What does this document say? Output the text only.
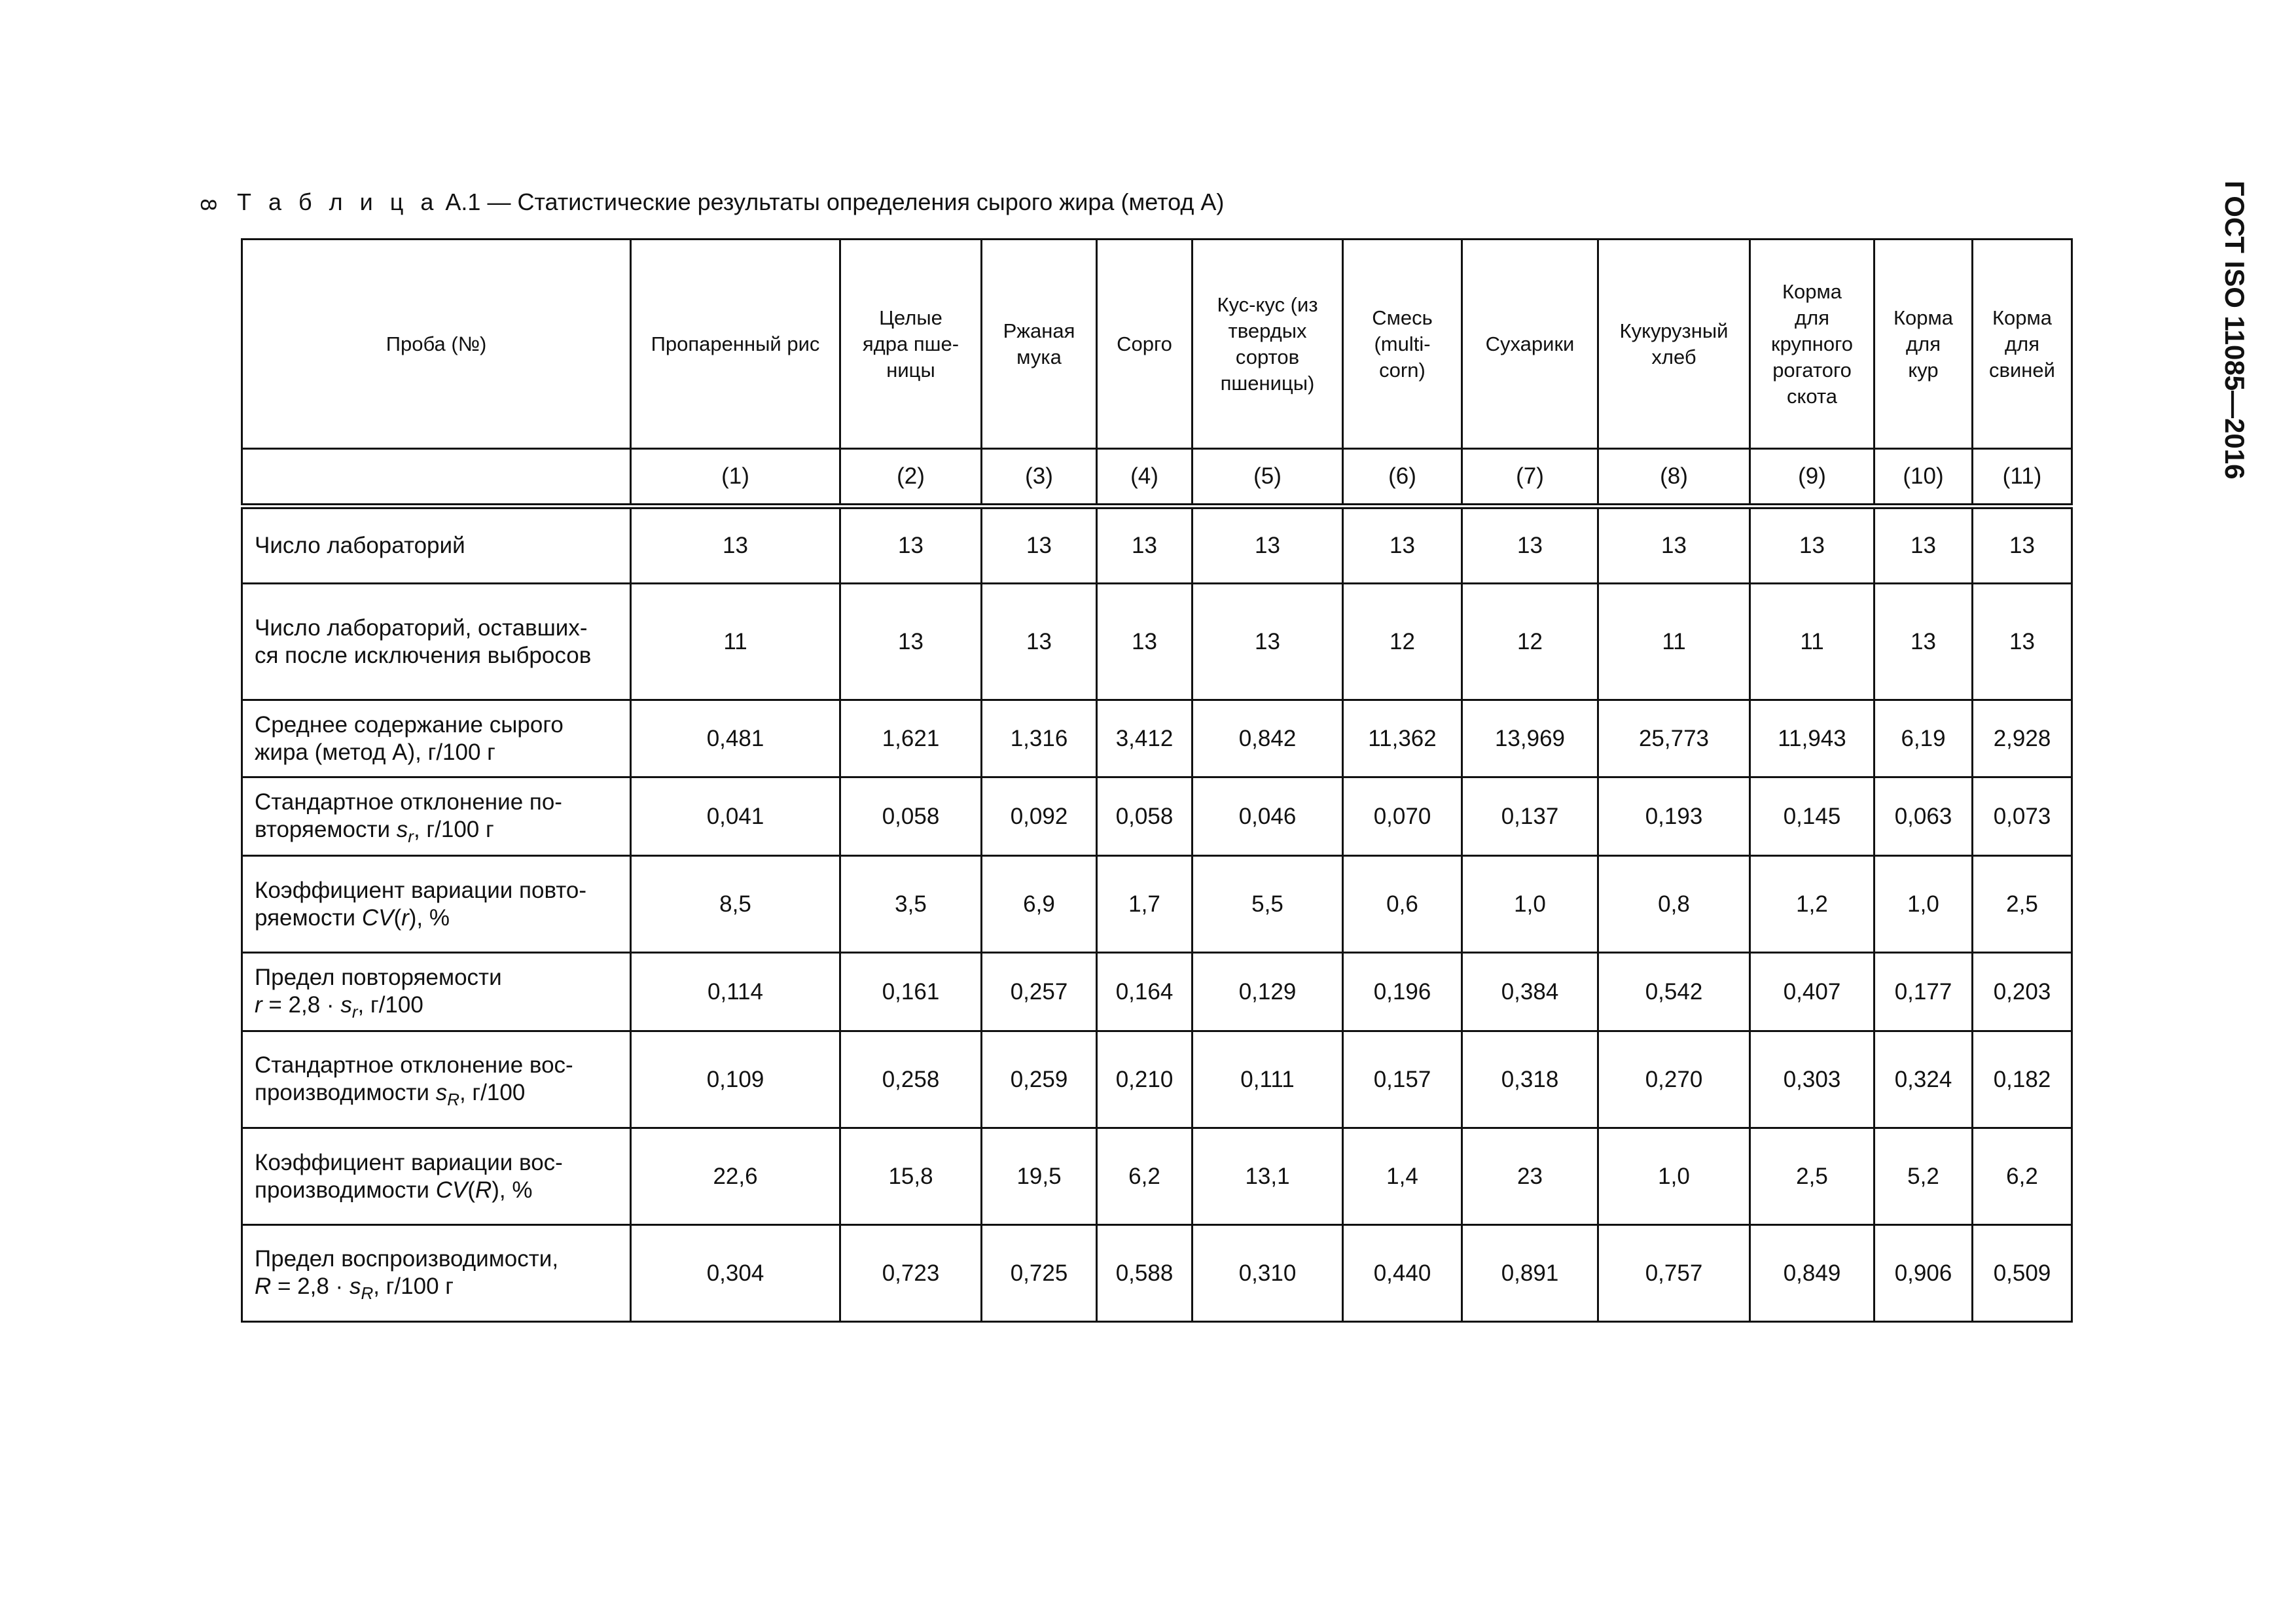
8 Т а б л и ц а А.1 — Статистические результаты определения сырого жира (метод А)	ГОСТ ISO 11085—2016
Проба (№)	Пропаренный рис	Целые
ядра пше-
ницы	Ржаная
мука	Сорго	Кус-кус (из
твердых
сортов
пшеницы)	Смесь
(multi-
corn)	Сухарики	Кукурузный
хлеб	Корма
для
крупного
рогатого
скота	Корма
для
кур	Корма
для
свиней
	(1)	(2)	(3)	(4)	(5)	(6)	(7)	(8)	(9)	(10)	(11)
Число лабораторий	13	13	13	13	13	13	13	13	13	13	13
Число лабораторий, оставших-
ся после исключения выбросов	11	13	13	13	13	12	12	11	11	13	13
Среднее содержание сырого
жира (метод А), г/100 г	0,481	1,621	1,316	3,412	0,842	11,362	13,969	25,773	11,943	6,19	2,928
Стандартное отклонение по-
вторяемости $s_r$, г/100 г	0,041	0,058	0,092	0,058	0,046	0,070	0,137	0,193	0,145	0,063	0,073
Коэффициент вариации повто-
ряемости CV(r), %	8,5	3,5	6,9	1,7	5,5	0,6	1,0	0,8	1,2	1,0	2,5
Предел повторяемости
$r = 2,8 \cdot s_r$, г/100	0,114	0,161	0,257	0,164	0,129	0,196	0,384	0,542	0,407	0,177	0,203
Стандартное отклонение вос-
производимости $s_R$, г/100	0,109	0,258	0,259	0,210	0,111	0,157	0,318	0,270	0,303	0,324	0,182
Коэффициент вариации вос-
производимости CV(R), %	22,6	15,8	19,5	6,2	13,1	1,4	23	1,0	2,5	5,2	6,2
Предел воспроизводимости,
$R = 2,8 \cdot s_R$, г/100 г	0,304	0,723	0,725	0,588	0,310	0,440	0,891	0,757	0,849	0,906	0,509
